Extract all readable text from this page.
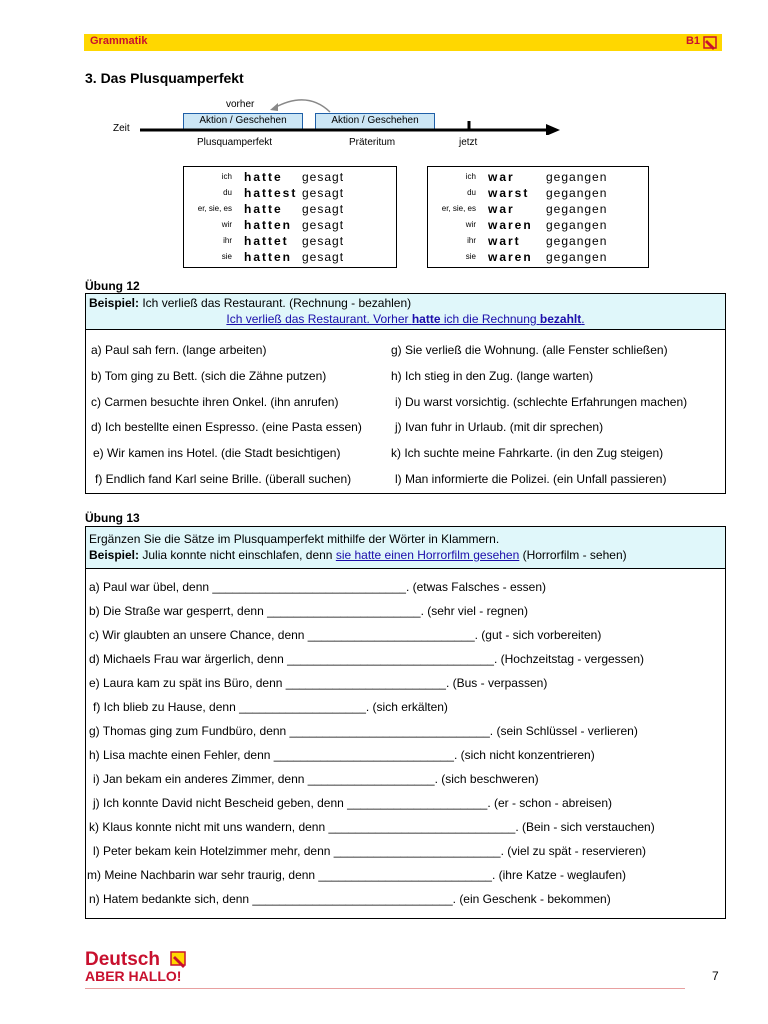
Grammatik	B1
3. Das Plusquamperfekt
vorher
Zeit
Aktion / Geschehen	Aktion / Geschehen
Plusquamperfekt	Präteritum	jetzt
ich	hatte	gesagt
du	hattest	gesagt
er, sie, es	hatte	gesagt
wir	hatten	gesagt
ihr	hattet	gesagt
sie	hatten	gesagt
ich	war	gegangen
du	warst	gegangen
er, sie, es	war	gegangen
wir	waren	gegangen
ihr	wart	gegangen
sie	waren	gegangen
Übung 12
Beispiel: Ich verließ das Restaurant. (Rechnung - bezahlen)
Ich verließ das Restaurant. Vorher hatte ich die Rechnung bezahlt.
a) Paul sah fern. (lange arbeiten)
b) Tom ging zu Bett. (sich die Zähne putzen)
c) Carmen besuchte ihren Onkel. (ihn anrufen)
d) Ich bestellte einen Espresso. (eine Pasta essen)
e) Wir kamen ins Hotel. (die Stadt besichtigen)
f) Endlich fand Karl seine Brille. (überall suchen)
g) Sie verließ die Wohnung. (alle Fenster schließen)
h) Ich stieg in den Zug. (lange warten)
i) Du warst vorsichtig. (schlechte Erfahrungen machen)
j) Ivan fuhr in Urlaub. (mit dir sprechen)
k) Ich suchte meine Fahrkarte. (in den Zug steigen)
l) Man informierte die Polizei. (ein Unfall passieren)
Übung 13
Ergänzen Sie die Sätze im Plusquamperfekt mithilfe der Wörter in Klammern.
Beispiel: Julia konnte nicht einschlafen, denn sie hatte einen Horrorfilm gesehen (Horrorfilm - sehen)
a) Paul war übel, denn _____________________________. (etwas Falsches - essen)
b) Die Straße war gesperrt, denn _______________________. (sehr viel - regnen)
c) Wir glaubten an unsere Chance, denn _________________________. (gut - sich vorbereiten)
d) Michaels Frau war ärgerlich, denn _______________________________. (Hochzeitstag - vergessen)
e) Laura kam zu spät ins Büro, denn ________________________. (Bus - verpassen)
f) Ich blieb zu Hause, denn ___________________. (sich erkälten)
g) Thomas ging zum Fundbüro, denn ______________________________. (sein Schlüssel - verlieren)
h) Lisa machte einen Fehler, denn ___________________________. (sich nicht konzentrieren)
i) Jan bekam ein anderes Zimmer, denn ___________________. (sich beschweren)
j) Ich konnte David nicht Bescheid geben, denn _____________________. (er - schon - abreisen)
k) Klaus konnte nicht mit uns wandern, denn ____________________________. (Bein - sich verstauchen)
l) Peter bekam kein Hotelzimmer mehr, denn _________________________. (viel zu spät - reservieren)
m) Meine Nachbarin war sehr traurig, denn __________________________. (ihre Katze - weglaufen)
n) Hatem bedankte sich, denn ______________________________. (ein Geschenk - bekommen)
Deutsch
ABER HALLO!	7
